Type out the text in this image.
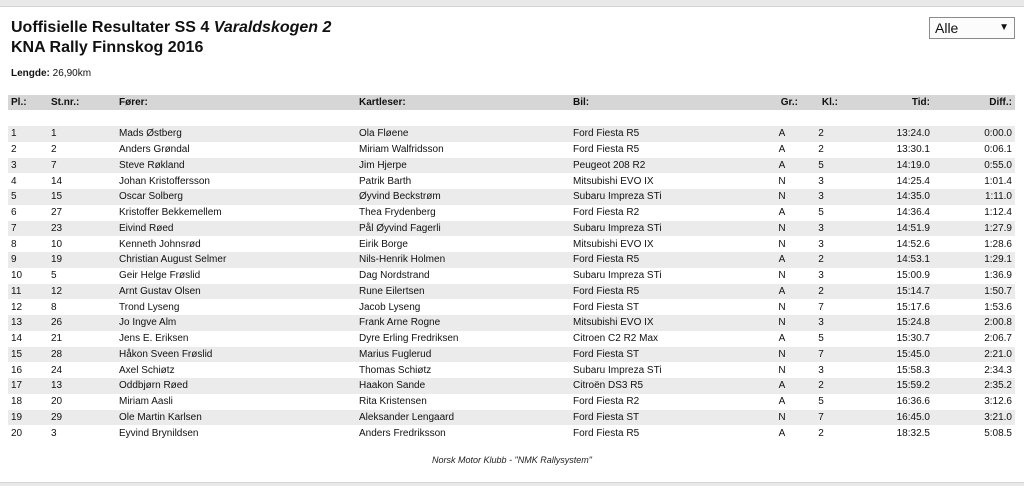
Uoffisielle Resultater SS 4 Varaldskogen 2
KNA Rally Finnskog 2016
Lengde: 26,90km
Alle	▼
Pl.:	St.nr.:	Fører:	Kartleser:	Bil:	Gr.:	Kl.:	Tid:	Diff.:

1	1	Mads Østberg	Ola Fløene	Ford Fiesta R5	A	2	13:24.0	0:00.0
2	2	Anders Grøndal	Miriam Walfridsson	Ford Fiesta R5	A	2	13:30.1	0:06.1
3	7	Steve Røkland	Jim Hjerpe	Peugeot 208 R2	A	5	14:19.0	0:55.0
4	14	Johan Kristoffersson	Patrik Barth	Mitsubishi EVO IX	N	3	14:25.4	1:01.4
5	15	Oscar Solberg	Øyvind Beckstrøm	Subaru Impreza STi	N	3	14:35.0	1:11.0
6	27	Kristoffer Bekkemellem	Thea Frydenberg	Ford Fiesta R2	A	5	14:36.4	1:12.4
7	23	Eivind Røed	Pål Øyvind Fagerli	Subaru Impreza STi	N	3	14:51.9	1:27.9
8	10	Kenneth Johnsrød	Eirik Borge	Mitsubishi EVO IX	N	3	14:52.6	1:28.6
9	19	Christian August Selmer	Nils-Henrik Holmen	Ford Fiesta R5	A	2	14:53.1	1:29.1
10	5	Geir Helge Frøslid	Dag Nordstrand	Subaru Impreza STi	N	3	15:00.9	1:36.9
11	12	Arnt Gustav Olsen	Rune Eilertsen	Ford Fiesta R5	A	2	15:14.7	1:50.7
12	8	Trond Lyseng	Jacob Lyseng	Ford Fiesta ST	N	7	15:17.6	1:53.6
13	26	Jo Ingve Alm	Frank Arne Rogne	Mitsubishi EVO IX	N	3	15:24.8	2:00.8
14	21	Jens E. Eriksen	Dyre Erling Fredriksen	Citroen C2 R2 Max	A	5	15:30.7	2:06.7
15	28	Håkon Sveen Frøslid	Marius Fuglerud	Ford Fiesta ST	N	7	15:45.0	2:21.0
16	24	Axel Schiøtz	Thomas Schiøtz	Subaru Impreza STi	N	3	15:58.3	2:34.3
17	13	Oddbjørn Røed	Haakon Sande	Citroën DS3 R5	A	2	15:59.2	2:35.2
18	20	Miriam Aasli	Rita Kristensen	Ford Fiesta R2	A	5	16:36.6	3:12.6
19	29	Ole Martin Karlsen	Aleksander Lengaard	Ford Fiesta ST	N	7	16:45.0	3:21.0
20	3	Eyvind Brynildsen	Anders Fredriksson	Ford Fiesta R5	A	2	18:32.5	5:08.5
Norsk Motor Klubb - "NMK Rallysystem"
